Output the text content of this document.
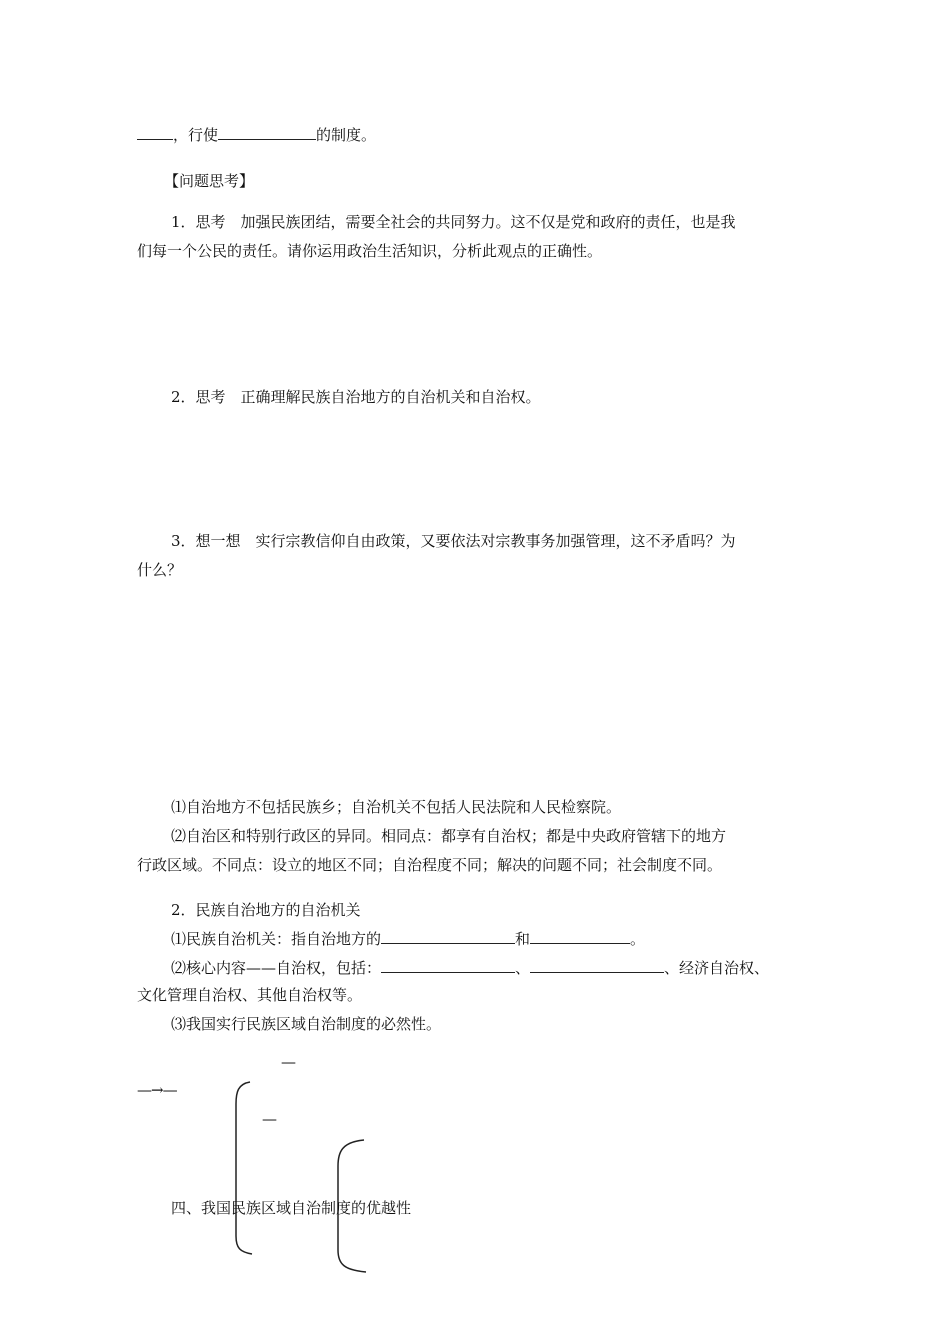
，行使	的制度。
【问题思考】
1．思考　加强民族团结，需要全社会的共同努力。这不仅是党和政府的责任，也是我
们每一个公民的责任。请你运用政治生活知识，分析此观点的正确性。
2．思考　正确理解民族自治地方的自治机关和自治权。
3．想一想　实行宗教信仰自由政策，又要依法对宗教事务加强管理，这不矛盾吗？为
什么？
⑴自治地方不包括民族乡；自治机关不包括人民法院和人民检察院。
⑵自治区和特别行政区的异同。相同点：都享有自治权；都是中央政府管辖下的地方
行政区域。不同点：设立的地区不同；自治程度不同；解决的问题不同；社会制度不同。
2．民族自治地方的自治机关
⑴民族自治机关：指自治地方的	和	。
⑵核心内容——自治权，包括：	、	、经济自治权、
文化管理自治权、其他自治权等。
⑶我国实行民族区域自治制度的必然性。
—
—→—
—
四、我国民族区域自治制度的优越性
